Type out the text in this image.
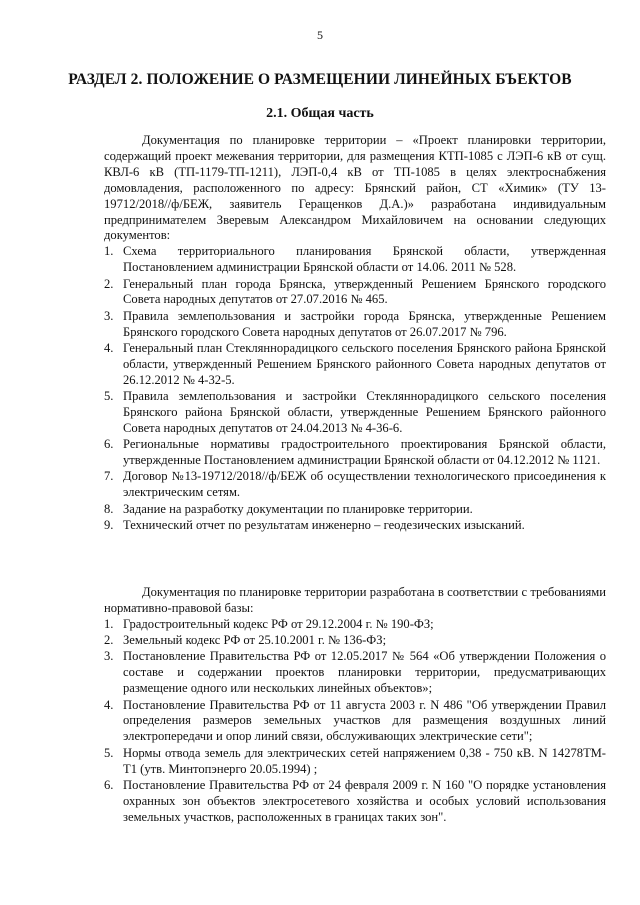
5
РАЗДЕЛ 2. ПОЛОЖЕНИЕ О РАЗМЕЩЕНИИ ЛИНЕЙНЫХ БЪЕКТОВ
2.1. Общая часть

Документация по планировке территории – «Проект планировки территории, содержащий проект межевания территории, для размещения КТП-1085 с ЛЭП-6 кВ от сущ. КВЛ-6 кВ (ТП-1179-ТП-1211), ЛЭП-0,4 кВ от ТП-1085 в целях электроснабжения домовладения, расположенного по адресу: Брянский район, СТ «Химик» (ТУ 13-19712/2018//ф/БЕЖ, заявитель Геращенков Д.А.)» разработана индивидуальным предпринимателем Зверевым Александром Михайловичем на основании следующих документов:

1. Схема территориального планирования Брянской области, утвержденная Постановлением администрации Брянской области от 14.06. 2011 № 528.
2. Генеральный план города Брянска, утвержденный Решением Брянского городского Совета народных депутатов от 27.07.2016 № 465.
3. Правила землепользования и застройки города Брянска, утвержденные Решением Брянского городского Совета народных депутатов от 26.07.2017 № 796.
4. Генеральный план Стекляннорадицкого сельского поселения Брянского района Брянской области, утвержденный Решением Брянского районного Совета народных депутатов от 26.12.2012 № 4-32-5.
5. Правила землепользования и застройки Стекляннорадицкого сельского поселения Брянского района Брянской области, утвержденные Решением Брянского районного Совета народных депутатов от 24.04.2013 № 4-36-6.
6. Региональные нормативы градостроительного проектирования Брянской области, утвержденные Постановлением администрации Брянской области от 04.12.2012 № 1121.
7. Договор №13-19712/2018//ф/БЕЖ об осуществлении технологического присоединения к электрическим сетям.
8. Задание на разработку документации по планировке территории.
9. Технический отчет по результатам инженерно – геодезических изысканий.

Документация по планировке территории разработана в соответствии с требованиями нормативно-правовой базы:

1. Градостроительный кодекс РФ от 29.12.2004 г. № 190-ФЗ;
2. Земельный кодекс РФ от 25.10.2001 г. № 136-ФЗ;
3. Постановление Правительства РФ от 12.05.2017 № 564 «Об утверждении Положения о составе и содержании проектов планировки территории, предусматривающих размещение одного или нескольких линейных объектов»;
4. Постановление Правительства РФ от 11 августа 2003 г. N 486 "Об утверждении Правил определения размеров земельных участков для размещения воздушных линий электропередачи и опор линий связи, обслуживающих электрические сети";
5. Нормы отвода земель для электрических сетей напряжением 0,38 - 750 кВ. N 14278ТМ-Т1 (утв. Минтопэнерго 20.05.1994) ;
6. Постановление Правительства РФ от 24 февраля 2009 г. N 160 "О порядке установления охранных зон объектов электросетевого хозяйства и особых условий использования земельных участков, расположенных в границах таких зон".
